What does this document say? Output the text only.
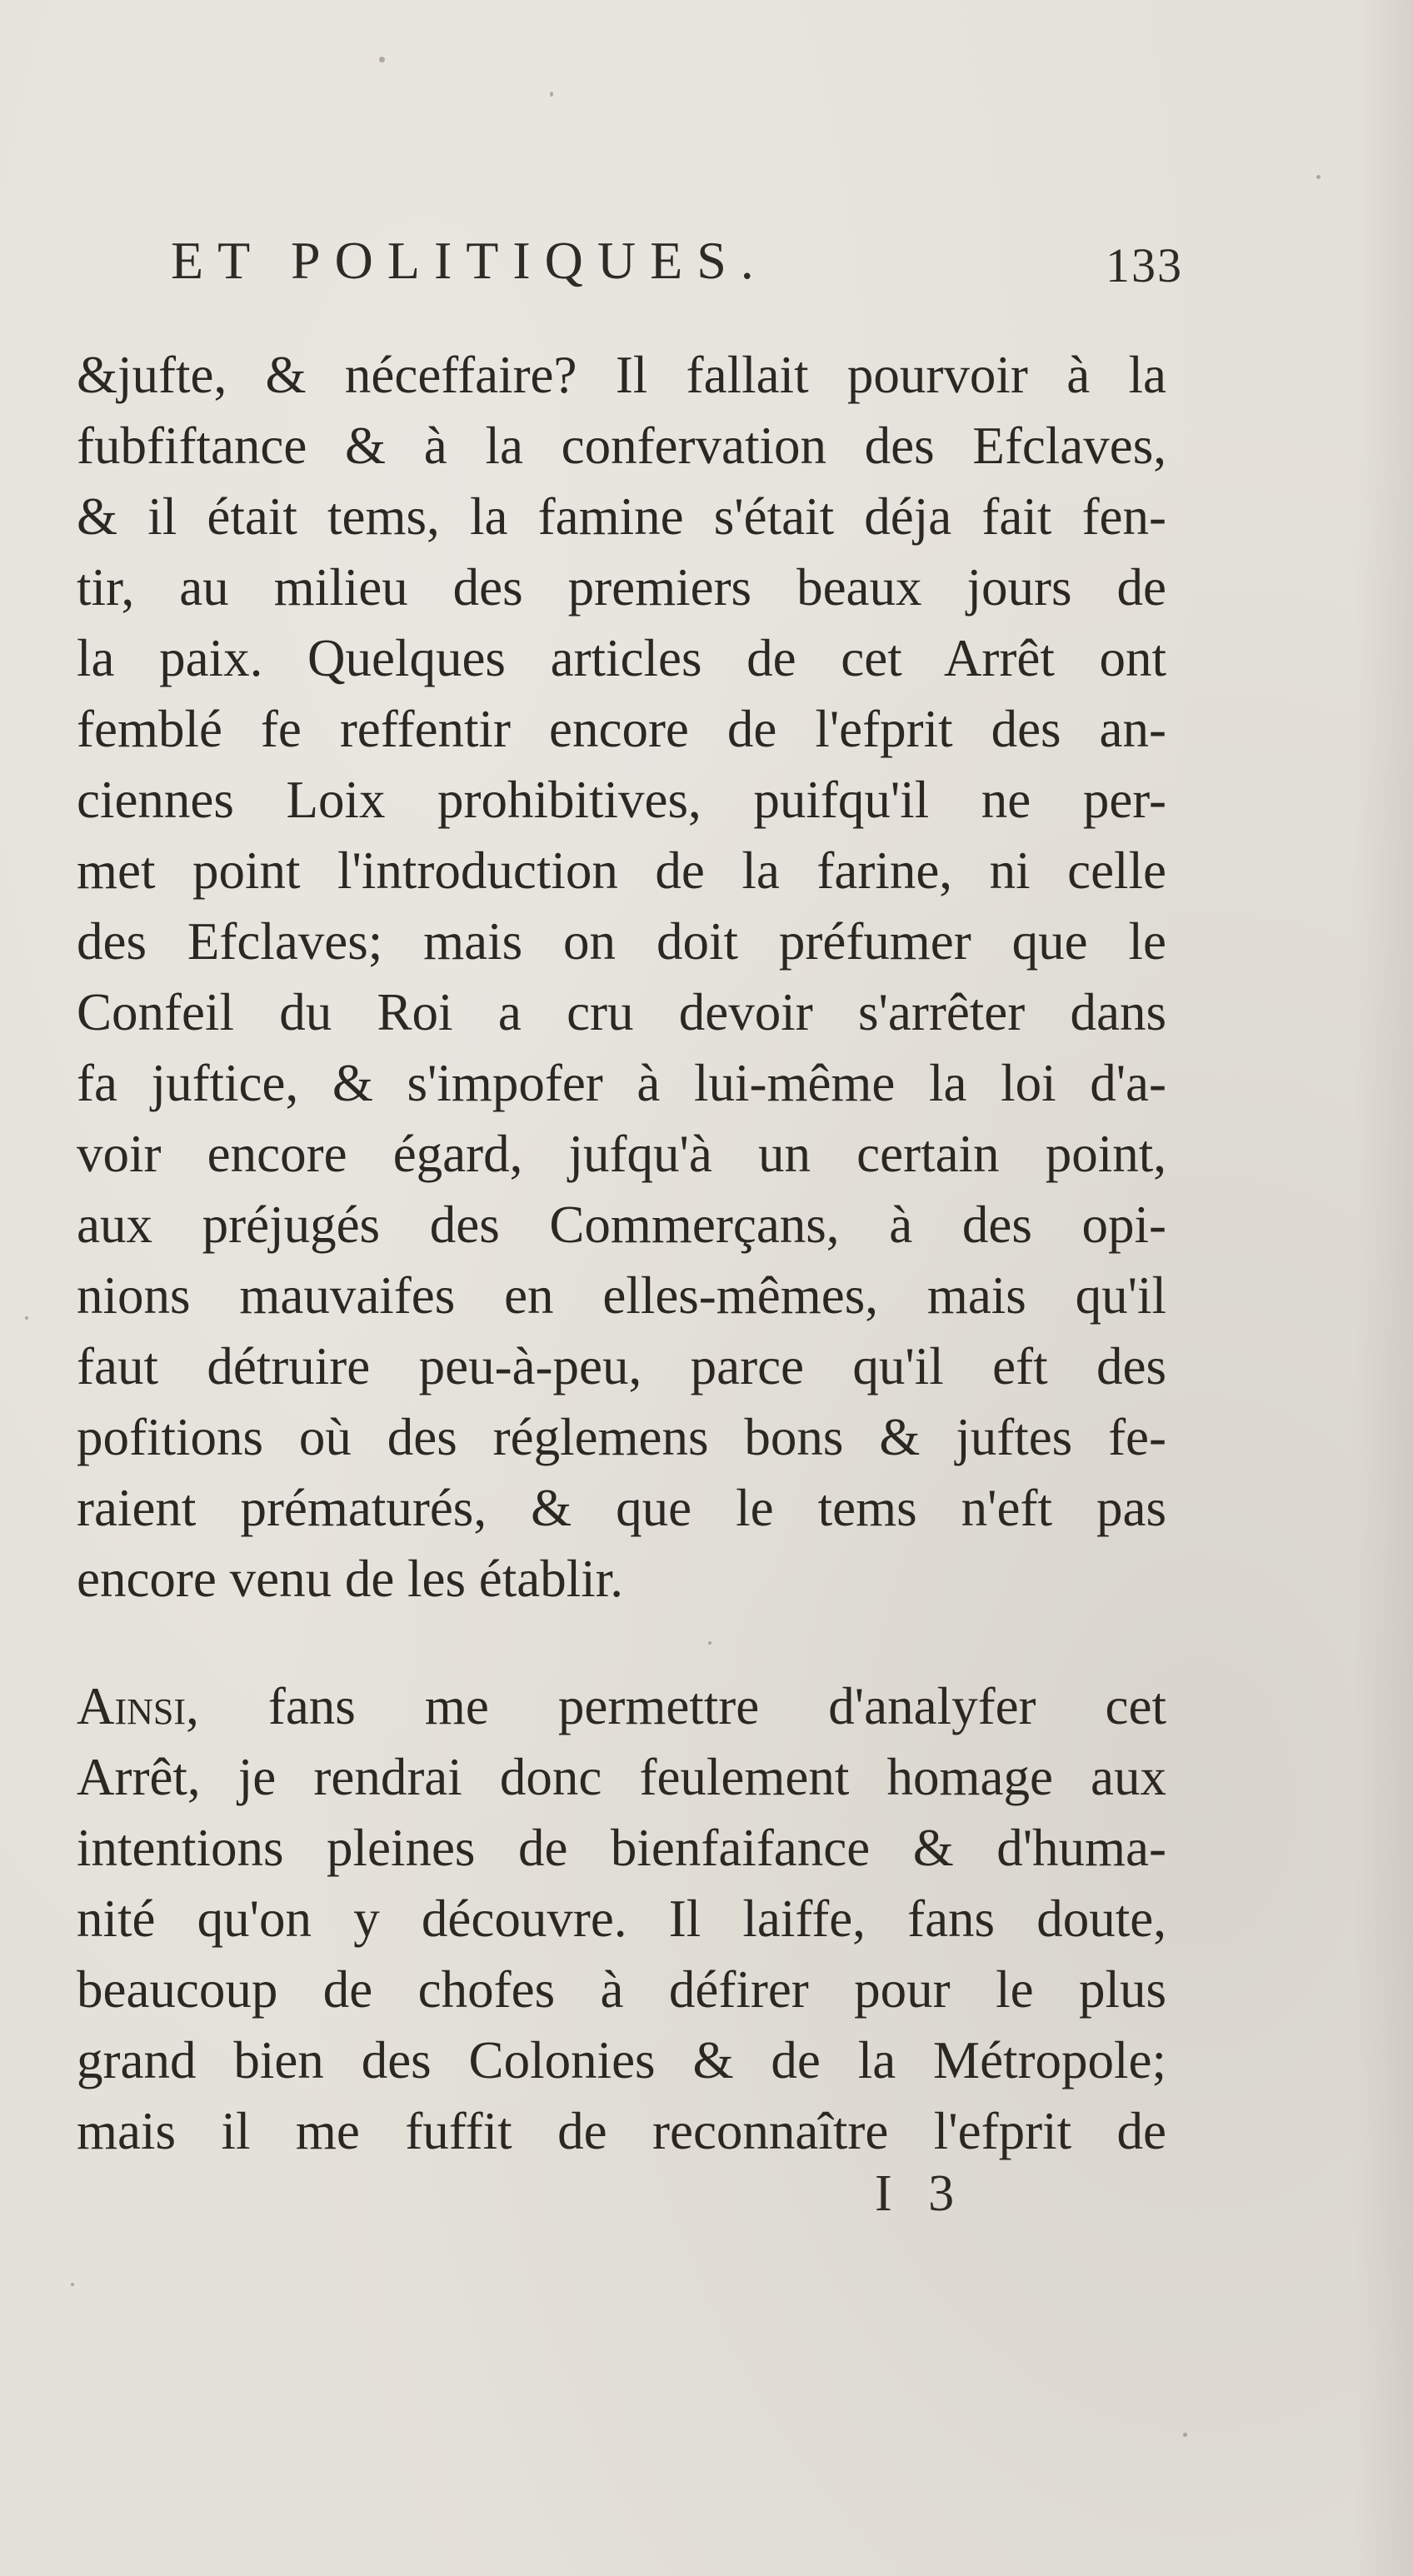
ET POLITIQUES.	133
&jufte, & néceffaire? Il fallait pourvoir à la
fubfiftance & à la confervation des Efclaves,
& il était tems, la famine s'était déja fait fen-
tir, au milieu des premiers beaux jours de
la paix. Quelques articles de cet Arrêt ont
femblé fe reffentir encore de l'efprit des an-
ciennes Loix prohibitives, puifqu'il ne per-
met point l'introduction de la farine, ni celle
des Efclaves; mais on doit préfumer que le
Confeil du Roi a cru devoir s'arrêter dans
fa juftice, & s'impofer à lui-même la loi d'a-
voir encore égard, jufqu'à un certain point,
aux préjugés des Commerçans, à des opi-
nions mauvaifes en elles-mêmes, mais qu'il
faut détruire peu-à-peu, parce qu'il eft des
pofitions où des réglemens bons & juftes fe-
raient prématurés, & que le tems n'eft pas
encore venu de les établir.
Ainsi, fans me permettre d'analyfer cet
Arrêt, je rendrai donc feulement homage aux
intentions pleines de bienfaifance & d'huma-
nité qu'on y découvre. Il laiffe, fans doute,
beaucoup de chofes à défirer pour le plus
grand bien des Colonies & de la Métropole;
mais il me fuffit de reconnaître l'efprit de
I 3
